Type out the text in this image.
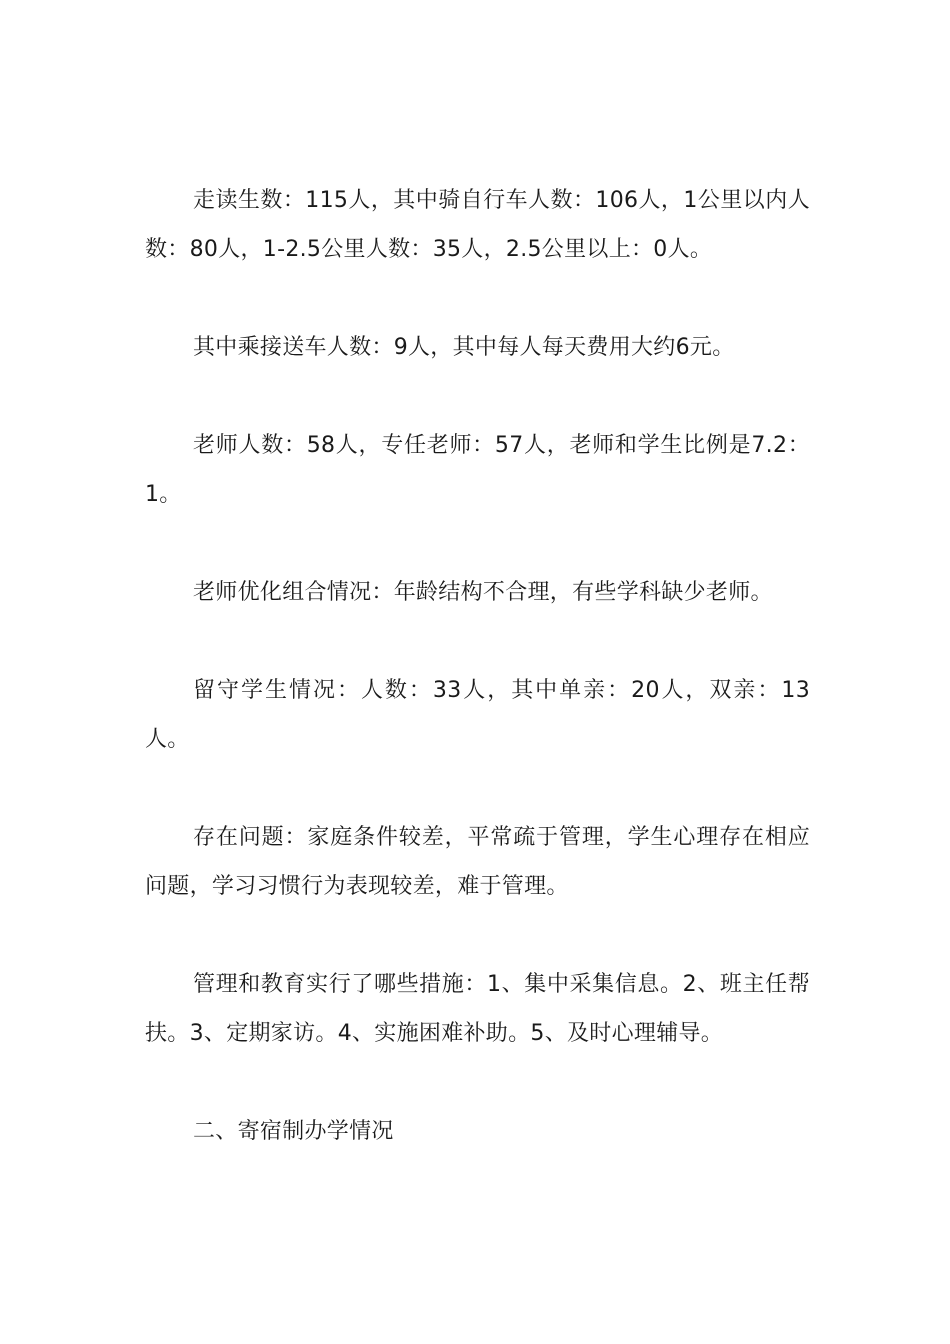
走读生数：115人，其中骑自行车人数：106人，1公里以内人数：80人，1-2.5公里人数：35人，2.5公里以上：0人。

其中乘接送车人数：9人，其中每人每天费用大约6元。

老师人数：58人，专任老师：57人，老师和学生比例是7.2：1。

老师优化组合情况：年龄结构不合理，有些学科缺少老师。

留守学生情况：人数：33人，其中单亲：20人，双亲：13人。

存在问题：家庭条件较差，平常疏于管理，学生心理存在相应问题，学习习惯行为表现较差，难于管理。

管理和教育实行了哪些措施：1、集中采集信息。2、班主任帮扶。3、定期家访。4、实施困难补助。5、及时心理辅导。

二、寄宿制办学情况
